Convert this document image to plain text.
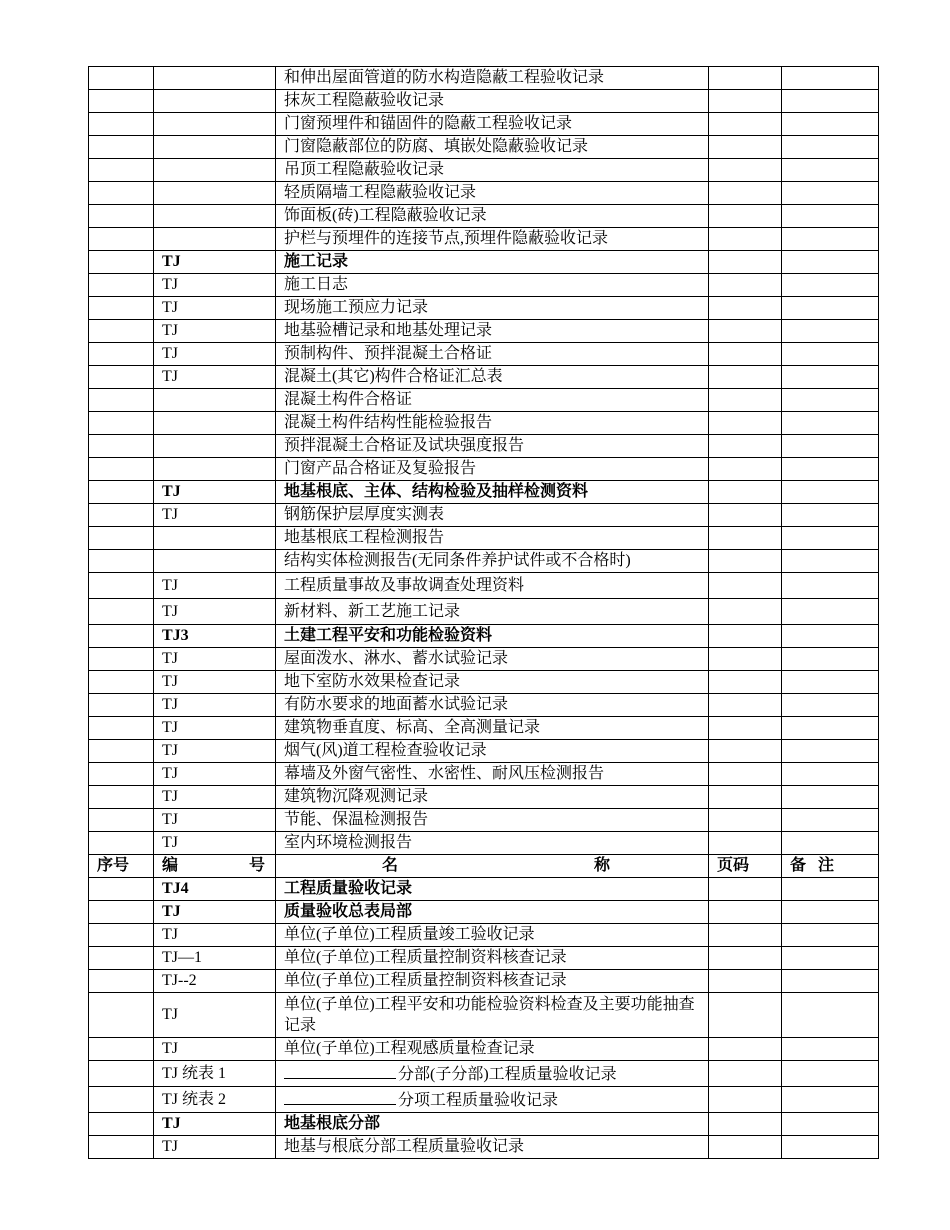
		和伸出屋面管道的防水构造隐蔽工程验收记录		
		抹灰工程隐蔽验收记录		
		门窗预埋件和锚固件的隐蔽工程验收记录		
		门窗隐蔽部位的防腐、填嵌处隐蔽验收记录		
		吊顶工程隐蔽验收记录		
		轻质隔墙工程隐蔽验收记录		
		饰面板(砖)工程隐蔽验收记录		
		护栏与预埋件的连接节点,预埋件隐蔽验收记录		
	TJ	施工记录		
	TJ	施工日志		
	TJ	现场施工预应力记录		
	TJ	地基验槽记录和地基处理记录		
	TJ	预制构件、预拌混凝土合格证		
	TJ	混凝土(其它)构件合格证汇总表		
		混凝土构件合格证		
		混凝土构件结构性能检验报告		
		预拌混凝土合格证及试块强度报告		
		门窗产品合格证及复验报告		
	TJ	地基根底、主体、结构检验及抽样检测资料		
	TJ	钢筋保护层厚度实测表		
		地基根底工程检测报告		
		结构实体检测报告(无同条件养护试件或不合格时)		
	TJ	工程质量事故及事故调查处理资料		
	TJ	新材料、新工艺施工记录		
	TJ3	土建工程平安和功能检验资料		
	TJ	屋面泼水、淋水、蓄水试验记录		
	TJ	地下室防水效果检查记录		
	TJ	有防水要求的地面蓄水试验记录		
	TJ	建筑物垂直度、标高、全高测量记录		
	TJ	烟气(风)道工程检查验收记录		
	TJ	幕墙及外窗气密性、水密性、耐风压检测报告		
	TJ	建筑物沉降观测记录		
	TJ	节能、保温检测报告		
	TJ	室内环境检测报告		
序号	编 号	名 称	页码	备 注
	TJ4	工程质量验收记录		
	TJ	质量验收总表局部		
	TJ	单位(子单位)工程质量竣工验收记录		
	TJ—1	单位(子单位)工程质量控制资料核查记录		
	TJ--2	单位(子单位)工程质量控制资料核查记录		
	TJ	单位(子单位)工程平安和功能检验资料检查及主要功能抽查记录		
	TJ	单位(子单位)工程观感质量检查记录		
	TJ 统表 1	分部(子分部)工程质量验收记录		
	TJ 统表 2	分项工程质量验收记录		
	TJ	地基根底分部		
	TJ	地基与根底分部工程质量验收记录		
